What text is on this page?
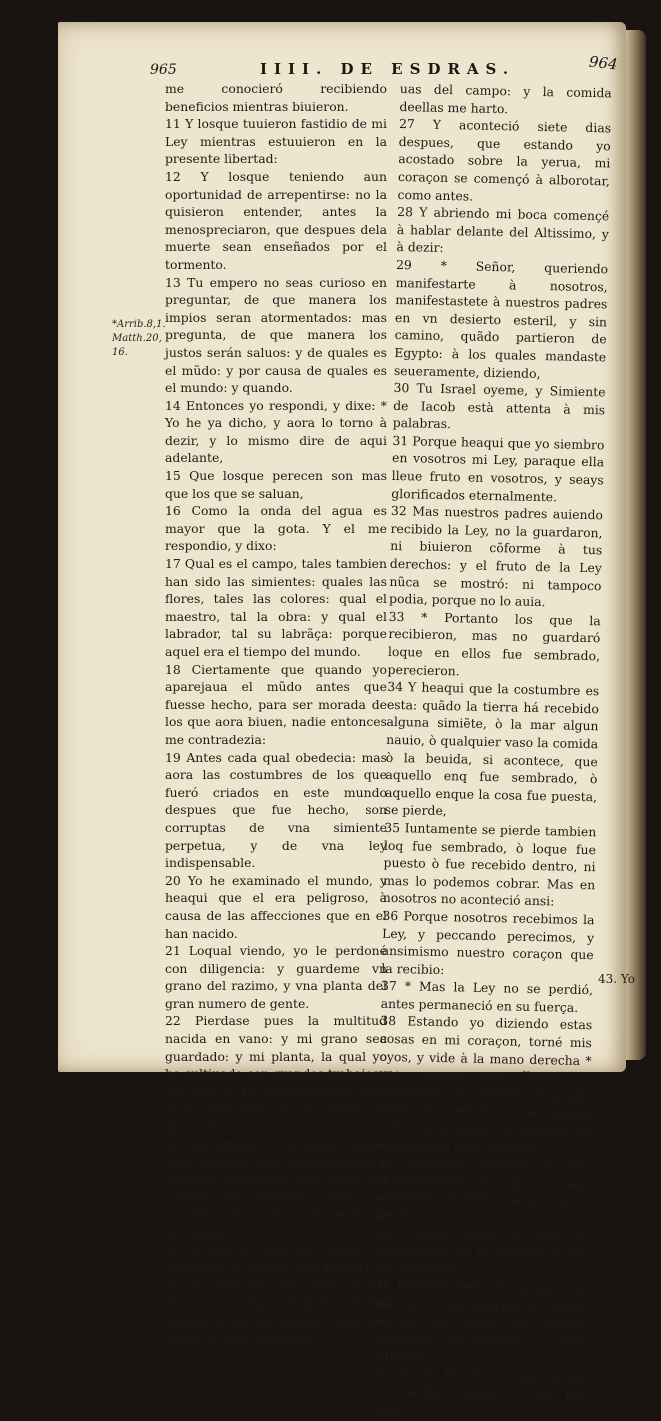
965	IIII. DE ESDRAS.	964
*Arrib.8,1. Matth.20, 16.

me conocieró recibiendo beneficios mientras biuieron.

11 Y losque tuuieron fastidio de mi Ley mientras estuuieron en la presente libertad:

12 Y losque teniendo aun oportunidad de arrepentirse: no la quisieron entender, antes la menospreciaron, que despues dela muerte sean enseñados por el tormento.

13 Tu empero no seas curioso en preguntar, de que manera los impios seran atormentados: mas pregunta, de que manera los justos serán saluos: y de quales es el mũdo: y por causa de quales es el mundo: y quando.

14 Entonces yo respondi, y dixe: * Yo he ya dicho, y aora lo torno à dezir, y lo mismo dire de aqui adelante,

15 Que losque perecen son mas que los que se saluan,

16 Como la onda del agua es mayor que la gota. Y el me respondio, y dixo:

17 Qual es el campo, tales tambien han sido las simientes: quales las flores, tales las colores: qual el maestro, tal la obra: y qual el labrador, tal su labrãça: porque aquel era el tiempo del mundo.

18 Ciertamente que quando yo aparejaua el mũdo antes que fuesse hecho, para ser morada de los que aora biuen, nadie entonces me contradezia:

19 Antes cada qual obedecia: mas aora las costumbres de los que fueró criados en este mundo despues que fue hecho, son corruptas de vna simiente perpetua, y de vna ley indispensable.

20 Yo he examinado el mundo, y heaqui que el era peligroso, à causa de las affecciones que en el han nacido.

21 Loqual viendo, yo le perdoné con diligencia: y guardeme vn grano del razimo, y vna planta del gran numero de gente.

22 Pierdase pues la multitud nacida en vano: y mi grano sea guardado: y mi planta, la qual yo he cultiuado con grandes trabajos.

23 Mas si tu entremetieres aora otros siete dias, en los quales no ayunarás,

24 Mas yrtehás à vn campo florido dõde ninguna casa aya edificada: y comerás solamente delas flores del campo: no gustarás carne, ni beuerás vino, sino solamente de las flores,

25 Y que tu ores sin cessar al Altissimo: yo vendré y te hablaré.

26 Yo pues me fue, como el me dixo, à vn campo, el qual se llama Ardath: y alli me assenté entre las flores, y comi delas yer-

uas del campo: y la comida deellas me harto.

27 Y aconteció siete dias despues, que estando yo acostado sobre la yerua, mi coraçon se començó à alborotar, como antes.

28 Y abriendo mi boca començé à hablar delante del Altissimo, y à dezir:

29 * Señor, queriendo manifestarte à nosotros, manifestastete à nuestros padres en vn desierto esteril, y sin camino, quãdo partieron de Egypto: à los quales mandaste seueramente, diziendo,

30 Tu Israel oyeme, y Simiente de Iacob està attenta à mis palabras.

31 Porque heaqui que yo siembro en vosotros mi Ley, paraque ella lleue fruto en vosotros, y seays glorificados eternalmente.

32 Mas nuestros padres auiendo recibido la Ley, no la guardaron, ni biuieron cõforme à tus derechos: y el fruto de la Ley nũca se mostró: ni tampoco podia, porque no lo auia.

33 * Portanto los que la recibieron, mas no guardaró loque en ellos fue sembrado, perecieron.

34 Y heaqui que la costumbre es esta: quãdo la tierra há recebido alguna simiẽte, ò la mar algun nauio, ò qualquier vaso la comida ò la beuida, si acontece, que aquello enq fue sembrado, ò aquello enque la cosa fue puesta, se pierde,

35 Iuntamente se pierde tambien loq fue sembrado, ò loque fue puesto ò fue recebido dentro, ni mas lo podemos cobrar. Mas en nosotros no aconteció ansi:

36 Porque nosotros recebimos la Ley, y peccando perecimos, y ansimismo nuestro coraçon que la recibio:

37 * Mas la Ley no se perdió, antes permaneció en su fuerça.

38 Estando yo diziendo estas cosas en mi coraçon, torné mis oyos, y vide à la mano derecha * vna muger, que llorava y lamentaua à altaboz, teniendo rotos sus vestidos, y la cabeça cubierta de poluo, se fatigaua en suanimo en gran manera.

39 Entonces dexando yo mis pensamientos en que estaua occupado, boluime hazia ella, y dixele:

40 Porque lloras? y porq te atormentas en tu animo? Y ella me respondio:

41 Dexame Señor llorarme à mi misma, y entregarme al dolor, porque yo estoy en grande amargura de coraçon, y muy affligida.

42 Y yo le dixe: Qué te há acontecido? Dimelo. Y ella me dixo:

43. Yo
